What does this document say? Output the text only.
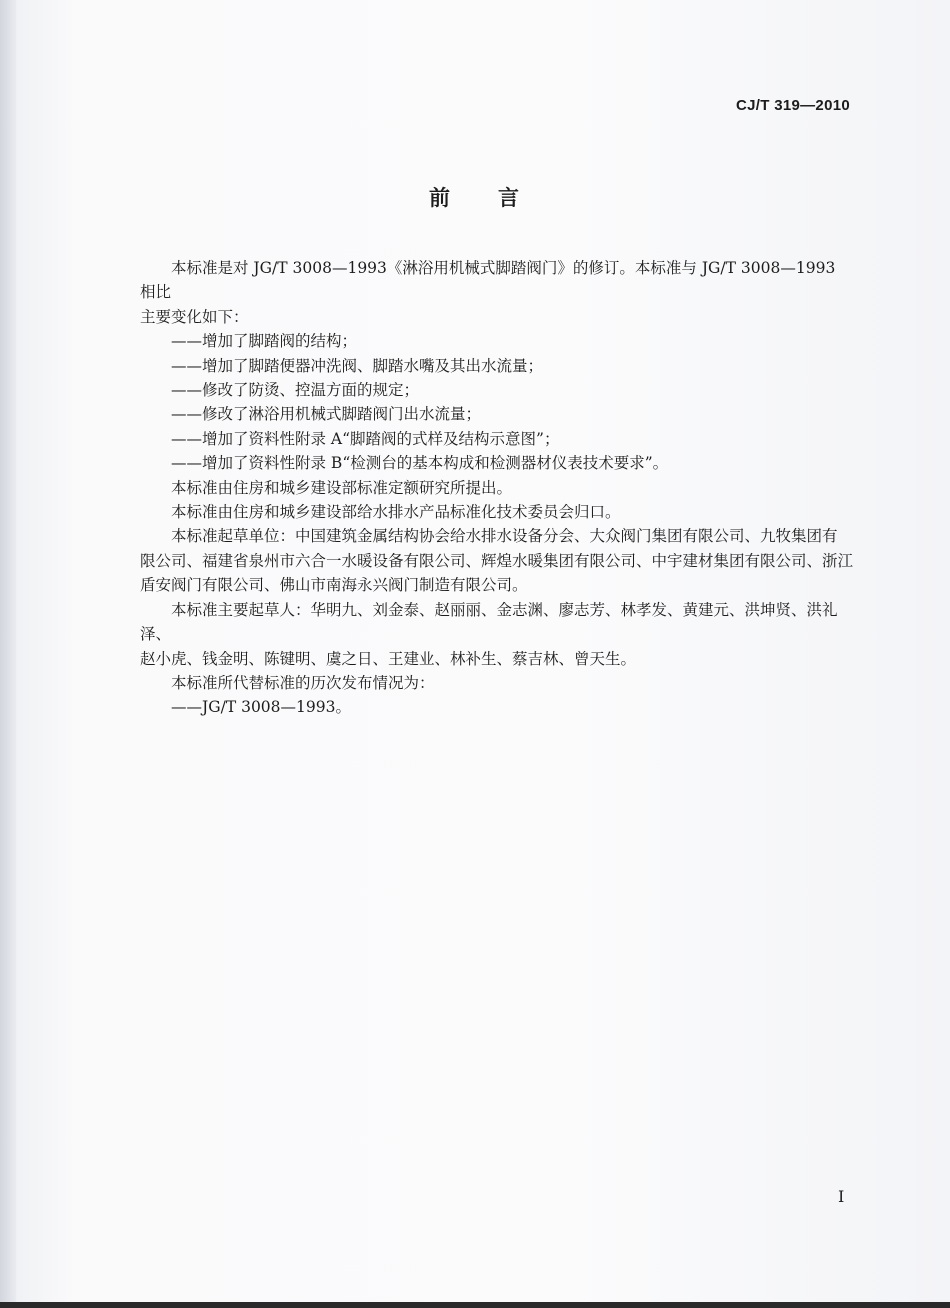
CJ/T 319—2010
前 言

本标准是对 JG/T 3008—1993《淋浴用机械式脚踏阀门》的修订。本标准与 JG/T 3008—1993 相比

主要变化如下：

——增加了脚踏阀的结构；

——增加了脚踏便器冲洗阀、脚踏水嘴及其出水流量；

——修改了防烫、控温方面的规定；

——修改了淋浴用机械式脚踏阀门出水流量；

——增加了资料性附录 A“脚踏阀的式样及结构示意图”；

——增加了资料性附录 B“检测台的基本构成和检测器材仪表技术要求”。

本标准由住房和城乡建设部标准定额研究所提出。

本标准由住房和城乡建设部给水排水产品标准化技术委员会归口。

本标准起草单位：中国建筑金属结构协会给水排水设备分会、大众阀门集团有限公司、九牧集团有

限公司、福建省泉州市六合一水暖设备有限公司、辉煌水暖集团有限公司、中宇建材集团有限公司、浙江

盾安阀门有限公司、佛山市南海永兴阀门制造有限公司。

本标准主要起草人：华明九、刘金泰、赵丽丽、金志渊、廖志芳、林孝发、黄建元、洪坤贤、洪礼泽、

赵小虎、钱金明、陈键明、虞之日、王建业、林补生、蔡吉林、曾天生。

本标准所代替标准的历次发布情况为：

——JG/T 3008—1993。

I
